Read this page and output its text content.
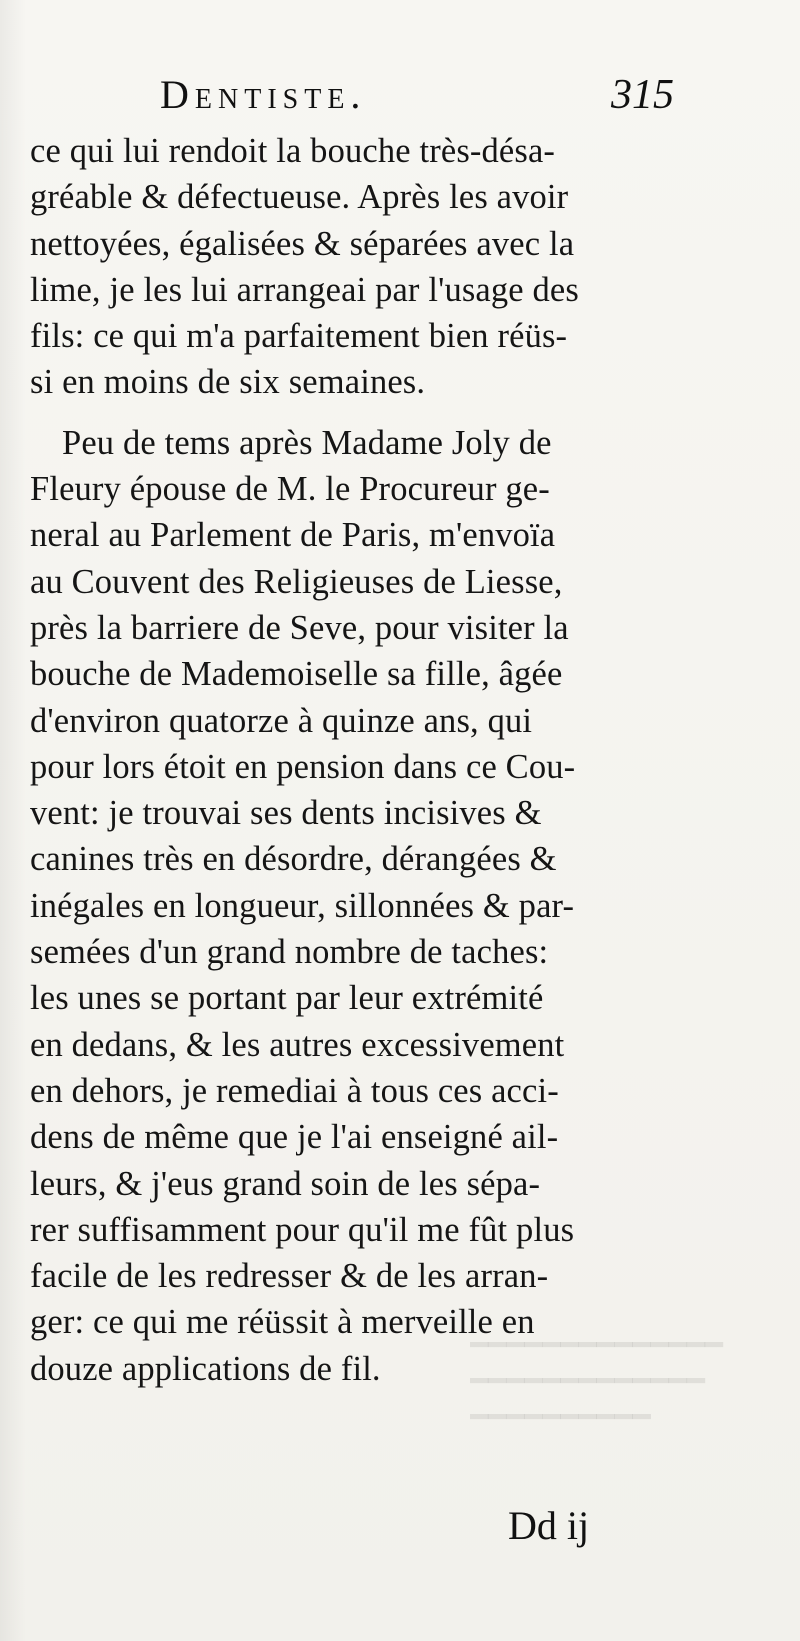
━━━━━━━━━━━━━━
━━━━━━━━━━━━━
━━━━━━━━━━
Dentiste.	315
ce qui lui rendoit la bouche très-désa-
gréable & défectueuse. Après les avoir
nettoyées, égalisées & séparées avec la
lime, je les lui arrangeai par l'usage des
fils: ce qui m'a parfaitement bien réüs-
si en moins de six semaines.
Peu de tems après Madame Joly de
Fleury épouse de M. le Procureur ge-
neral au Parlement de Paris, m'envoïa
au Couvent des Religieuses de Liesse,
près la barriere de Seve, pour visiter la
bouche de Mademoiselle sa fille, âgée
d'environ quatorze à quinze ans, qui
pour lors étoit en pension dans ce Cou-
vent: je trouvai ses dents incisives &
canines très en désordre, dérangées &
inégales en longueur, sillonnées & par-
semées d'un grand nombre de taches:
les unes se portant par leur extrémité
en dedans, & les autres excessivement
en dehors, je remediai à tous ces acci-
dens de même que je l'ai enseigné ail-
leurs, & j'eus grand soin de les sépa-
rer suffisamment pour qu'il me fût plus
facile de les redresser & de les arran-
ger: ce qui me réüssit à merveille en
douze applications de fil.
Dd ij
